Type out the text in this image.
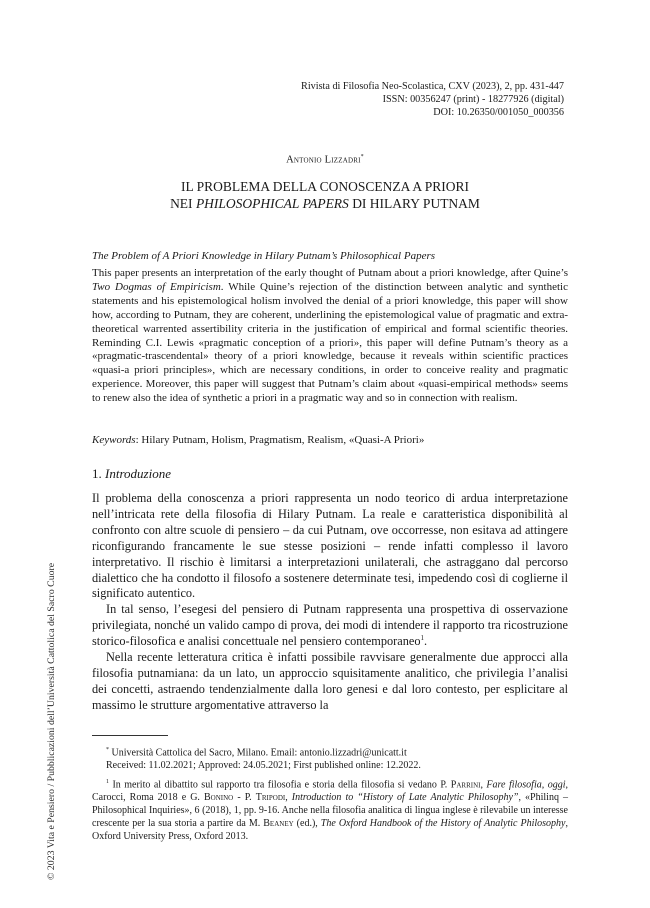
Rivista di Filosofia Neo-Scolastica, CXV (2023), 2, pp. 431-447
ISSN: 00356247 (print) - 18277926 (digital)
DOI: 10.26350/001050_000356
Antonio Lizzadri*
IL PROBLEMA DELLA CONOSCENZA A PRIORI
NEI PHILOSOPHICAL PAPERS DI HILARY PUTNAM
The Problem of A Priori Knowledge in Hilary Putnam’s Philosophical Papers

This paper presents an interpretation of the early thought of Putnam about a priori knowledge, after Quine’s Two Dogmas of Empiricism. While Quine’s rejection of the distinction between analytic and synthetic statements and his epistemological holism involved the denial of a priori knowledge, this paper will show how, according to Putnam, they are coherent, underlining the epistemological value of pragmatic and extra-theoretical warrented assertibility criteria in the justification of empirical and formal scientific theories. Reminding C.I. Lewis «pragmatic conception of a priori», this paper will define Putnam’s theory as a «pragmatic-trascendental» theory of a priori knowledge, because it reveals within scientific practices «quasi-a priori principles», which are necessary conditions, in order to conceive reality and pragmatic experience. Moreover, this paper will suggest that Putnam’s claim about «quasi-empirical methods» seems to renew also the idea of synthetic a priori in a pragmatic way and so in connection with realism.

Keywords: Hilary Putnam, Holism, Pragmatism, Realism, «Quasi-A Priori»

1. Introduzione

Il problema della conoscenza a priori rappresenta un nodo teorico di ardua interpretazione nell’intricata rete della filosofia di Hilary Putnam. La reale e caratteristica disponibilità al confronto con altre scuole di pensiero – da cui Putnam, ove occorresse, non esitava ad attingere riconfigurando francamente le sue stesse posizioni – rende infatti complesso il lavoro interpretativo. Il rischio è limitarsi a interpretazioni unilaterali, che astraggano dal percorso dialettico che ha condotto il filosofo a sostenere determinate tesi, impedendo così di coglierne il significato autentico.

In tal senso, l’esegesi del pensiero di Putnam rappresenta una prospettiva di osservazione privilegiata, nonché un valido campo di prova, dei modi di intendere il rapporto tra ricostruzione storico-filosofica e analisi concettuale nel pensiero contemporaneo$^1$.

Nella recente letteratura critica è infatti possibile ravvisare generalmente due approcci alla filosofia putnamiana: da un lato, un approccio squisitamente analitico, che privilegia l’analisi dei concetti, astraendo tendenzialmente dalla loro genesi e dal loro contesto, per esplicitare al massimo le strutture argomentative attraverso la

* Università Cattolica del Sacro, Milano. Email: antonio.lizzadri@unicatt.it
Received: 11.02.2021; Approved: 24.05.2021; First published online: 12.2022.

$^1$ In merito al dibattito sul rapporto tra filosofia e storia della filosofia si vedano P. Parrini, Fare filosofia, oggi, Carocci, Roma 2018 e G. Bonino - P. Tripodi, Introduction to “History of Late Analytic Philosophy”, «Philinq – Philosophical Inquiries», 6 (2018), 1, pp. 9-16. Anche nella filosofia analitica di lingua inglese è rilevabile un interesse crescente per la sua storia a partire da M. Beaney (ed.), The Oxford Handbook of the History of Analytic Philosophy, Oxford University Press, Oxford 2013.

© 2023 Vita e Pensiero / Pubblicazioni dell’Università Cattolica del Sacro Cuore
